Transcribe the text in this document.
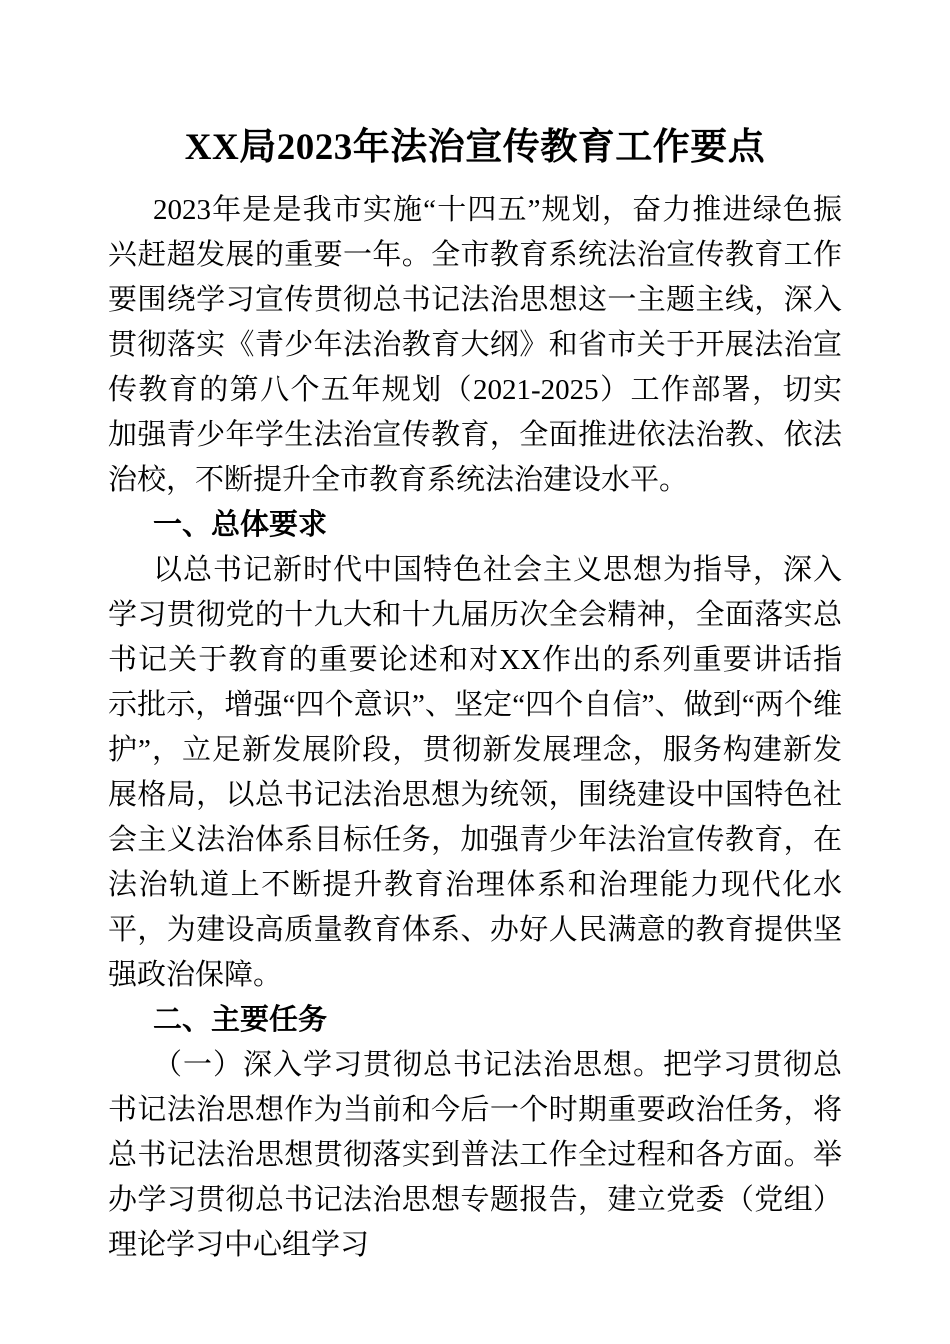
XX局2023年法治宣传教育工作要点

2023年是是我市实施“十四五”规划，奋力推进绿色振兴赶超发展的重要一年。全市教育系统法治宣传教育工作要围绕学习宣传贯彻总书记法治思想这一主题主线，深入贯彻落实《青少年法治教育大纲》和省市关于开展法治宣传教育的第八个五年规划（2021-2025）工作部署，切实加强青少年学生法治宣传教育，全面推进依法治教、依法治校，不断提升全市教育系统法治建设水平。

一、总体要求

以总书记新时代中国特色社会主义思想为指导，深入学习贯彻党的十九大和十九届历次全会精神，全面落实总书记关于教育的重要论述和对XX作出的系列重要讲话指示批示，增强“四个意识”、坚定“四个自信”、做到“两个维护”，立足新发展阶段，贯彻新发展理念，服务构建新发展格局，以总书记法治思想为统领，围绕建设中国特色社会主义法治体系目标任务，加强青少年法治宣传教育，在法治轨道上不断提升教育治理体系和治理能力现代化水平，为建设高质量教育体系、办好人民满意的教育提供坚强政治保障。

二、主要任务

（一）深入学习贯彻总书记法治思想。把学习贯彻总书记法治思想作为当前和今后一个时期重要政治任务，将总书记法治思想贯彻落实到普法工作全过程和各方面。举办学习贯彻总书记法治思想专题报告，建立党委（党组）理论学习中心组学习
